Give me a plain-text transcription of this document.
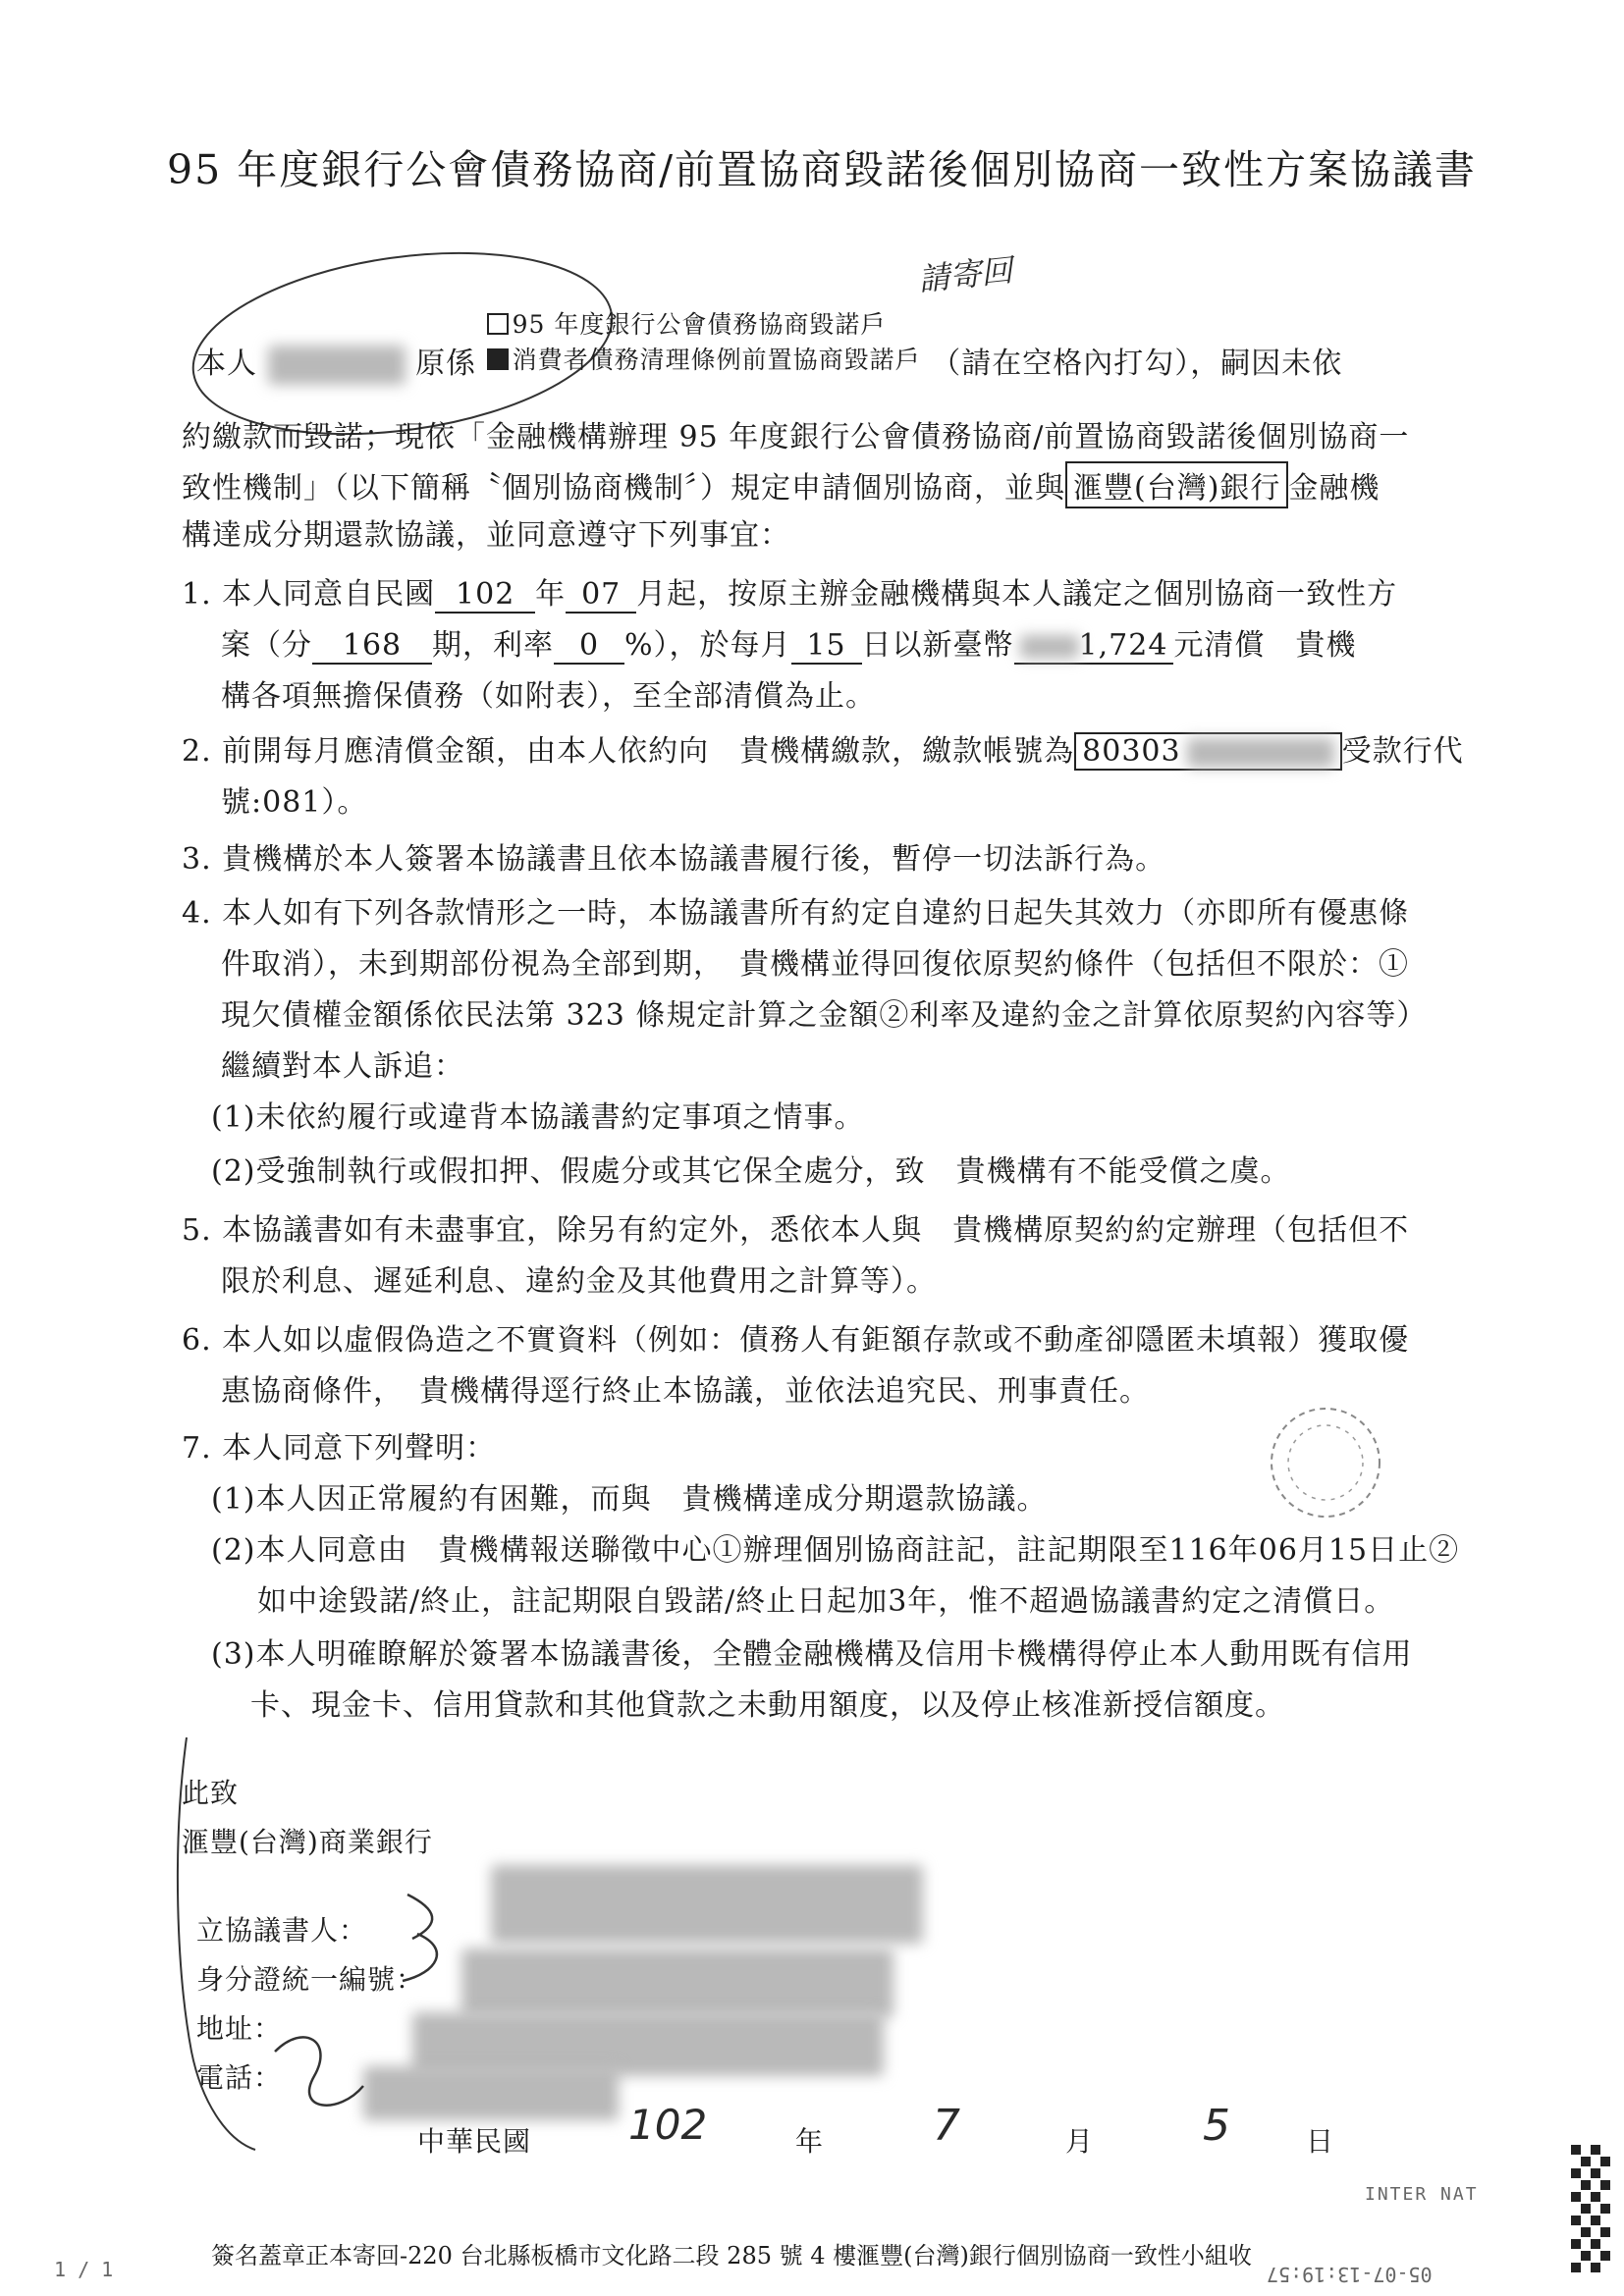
95 年度銀行公會債務協商/前置協商毀諾後個別協商一致性方案協議書
請寄回
本人	原係
95 年度銀行公會債務協商毀諾戶
消費者債務清理條例前置協商毀諾戶 （請在空格內打勾），嗣因未依
約繳款而毀諾；現依「金融機構辦理 95 年度銀行公會債務協商/前置協商毀諾後個別協商一
致性機制」（以下簡稱〝個別協商機制〞）規定申請個別協商，並與 滙豐(台灣)銀行 金融機
構達成分期還款協議，並同意遵守下列事宜：
1. 本人同意自民國 102 年 07 月起，按原主辦金融機構與本人議定之個別協商一致性方
案（分 168 期，利率 0 %），於每月 15 日以新臺幣 1,724 元清償　貴機
構各項無擔保債務（如附表），至全部清償為止。
2. 前開每月應清償金額，由本人依約向　貴機構繳款，繳款帳號為 80303	受款行代
號:081）。
3. 貴機構於本人簽署本協議書且依本協議書履行後，暫停一切法訴行為。
4. 本人如有下列各款情形之一時，本協議書所有約定自違約日起失其效力（亦即所有優惠條
件取消），未到期部份視為全部到期，　貴機構並得回復依原契約條件（包括但不限於：①
現欠債權金額係依民法第 323 條規定計算之金額②利率及違約金之計算依原契約內容等）
繼續對本人訴追：
(1)未依約履行或違背本協議書約定事項之情事。
(2)受強制執行或假扣押、假處分或其它保全處分，致　貴機構有不能受償之虞。
5. 本協議書如有未盡事宜，除另有約定外，悉依本人與　貴機構原契約約定辦理（包括但不
限於利息、遲延利息、違約金及其他費用之計算等）。
6. 本人如以虛假偽造之不實資料（例如：債務人有鉅額存款或不動產卻隱匿未填報）獲取優
惠協商條件，　貴機構得逕行終止本協議，並依法追究民、刑事責任。
7. 本人同意下列聲明：
(1)本人因正常履約有困難，而與　貴機構達成分期還款協議。
(2)本人同意由　貴機構報送聯徵中心①辦理個別協商註記，註記期限至116年06月15日止②
如中途毀諾/終止，註記期限自毀諾/終止日起加3年，惟不超過協議書約定之清償日。
(3)本人明確瞭解於簽署本協議書後，全體金融機構及信用卡機構得停止本人動用既有信用
卡、現金卡、信用貸款和其他貸款之未動用額度，以及停止核准新授信額度。
此致
滙豐(台灣)商業銀行
立協議書人：
身分證統一編號：
地址：
電話：
中華民國 102	年	7	月	5	日
簽名蓋章正本寄回-220 台北縣板橋市文化路二段 285 號 4 樓滙豐(台灣)銀行個別協商一致性小組收
INTER NAT
05-07-13:19:57
1 / 1
